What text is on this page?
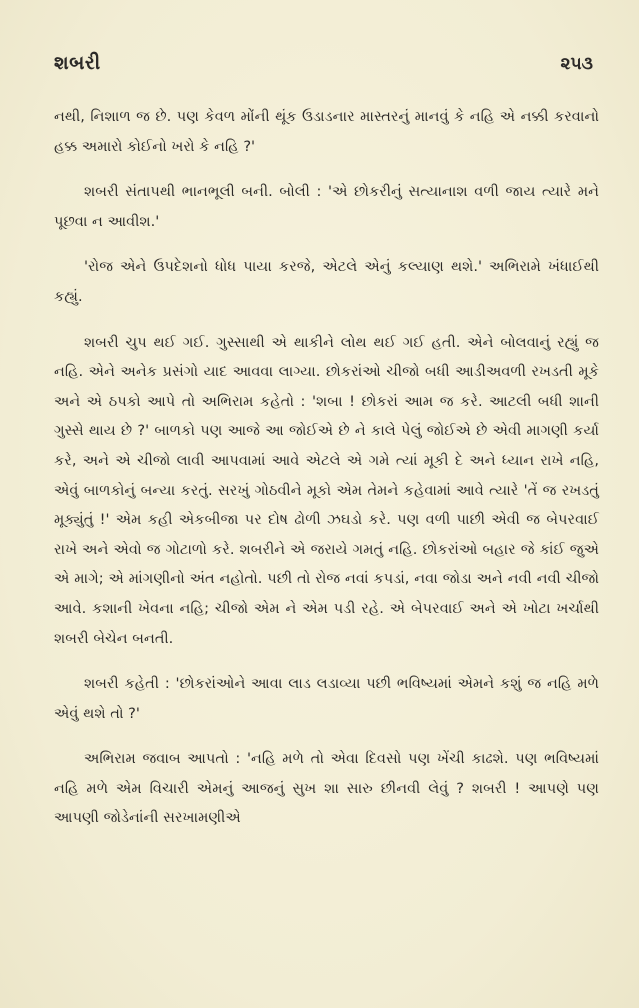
શબરી	૨૫૩

નથી, નિશાળ જ છે. પણ કેવળ મોંની થૂંક ઉડાડનાર માસ્તરનું માનવું કે નહિ એ નક્કી કરવાનો હક્ક અમારો કોઈનો ખરો કે નહિ ?'

શબરી સંતાપથી ભાનભૂલી બની. બોલી : 'એ છોકરીનું સત્યાનાશ વળી જાય ત્યારે મને પૂછવા ન આવીશ.'

'રોજ એને ઉપદેશનો ધોધ પાયા કરજે, એટલે એનું કલ્યાણ થશે.' અભિરામે ખંધાઈથી કહ્યું.

શબરી ચુપ થઈ ગઈ. ગુસ્સાથી એ થાકીને લોથ થઈ ગઈ હતી. એને બોલવાનું રહ્યું જ નહિ. એને અનેક પ્રસંગો યાદ આવવા લાગ્યા. છોકરાંઓ ચીજો બધી આડીઅવળી રખડતી મૂકે અને એ ઠપકો આપે તો અભિરામ કહેતો : 'શબા ! છોકરાં આમ જ કરે. આટલી બધી શાની ગુસ્સે થાય છે ?' બાળકો પણ આજે આ જોઈએ છે ને કાલે પેલું જોઈએ છે એવી માગણી કર્યા કરે, અને એ ચીજો લાવી આપવામાં આવે એટલે એ ગમે ત્યાં મૂકી દે અને ધ્યાન રાખે નહિ, એવું બાળકોનું બન્યા કરતું. સરખું ગોઠવીને મૂકો એમ તેમને કહેવામાં આવે ત્યારે 'તેં જ રખડતું મૂક્યુંતું !' એમ કહી એકબીજા પર દોષ ઢોળી ઝઘડો કરે. પણ વળી પાછી એવી જ બેપરવાઈ રાખે અને એવો જ ગોટાળો કરે. શબરીને એ જરાયે ગમતું નહિ. છોકરાંઓ બહાર જે કાંઈ જુએ એ માગે; એ માંગણીનો અંત નહોતો. પછી તો રોજ નવાં કપડાં, નવા જોડા અને નવી નવી ચીજો આવે. કશાની ખેવના નહિ; ચીજો એમ ને એમ પડી રહે. એ બેપરવાઈ અને એ ખોટા ખર્ચાથી શબરી બેચેન બનતી.

શબરી કહેતી : 'છોકરાંઓને આવા લાડ લડાવ્યા પછી ભવિષ્યમાં એમને કશું જ નહિ મળે એવું થશે તો ?'

અભિરામ જવાબ આપતો : 'નહિ મળે તો એવા દિવસો પણ ખેંચી કાઢશે. પણ ભવિષ્યમાં નહિ મળે એમ વિચારી એમનું આજનું સુખ શા સારુ છીનવી લેવું ? શબરી ! આપણે પણ આપણી જોડેનાંની સરખામણીએ
